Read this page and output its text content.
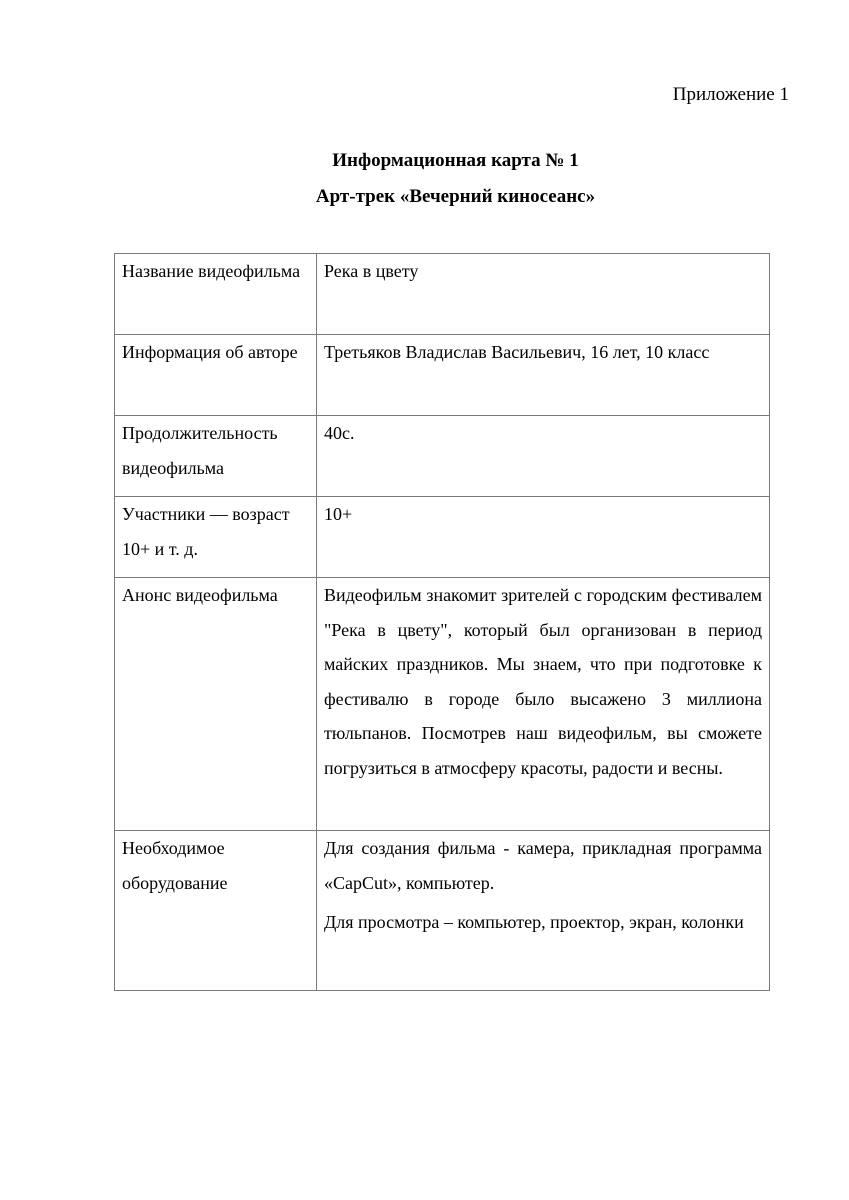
Приложение 1
Информационная карта № 1
Арт-трек «Вечерний киносеанс»
Название видеофильма	Река в цвету
Информация об автоpe	Третьяков Владислав Васильевич, 16 лет, 10 класс
Продолжительность видеофильма	40с.
Участники — возраст 10+ и т. д.	10+
Анонс видеофильма	Видеофильм знакомит зрителей с городским фестивалем "Река в цвету", который был организован в период майских праздников. Мы знаем, что при подготовке к фестивалю в городе было высажено 3 миллиона тюльпанов. Посмотрев наш видеофильм, вы сможете погрузиться в атмосферу красоты, радости и весны.
Необходимое оборудование	Для создания фильма - камера, прикладная программа «CapCut», компьютер.
Для просмотра – компьютер, проектор, экран, колонки
